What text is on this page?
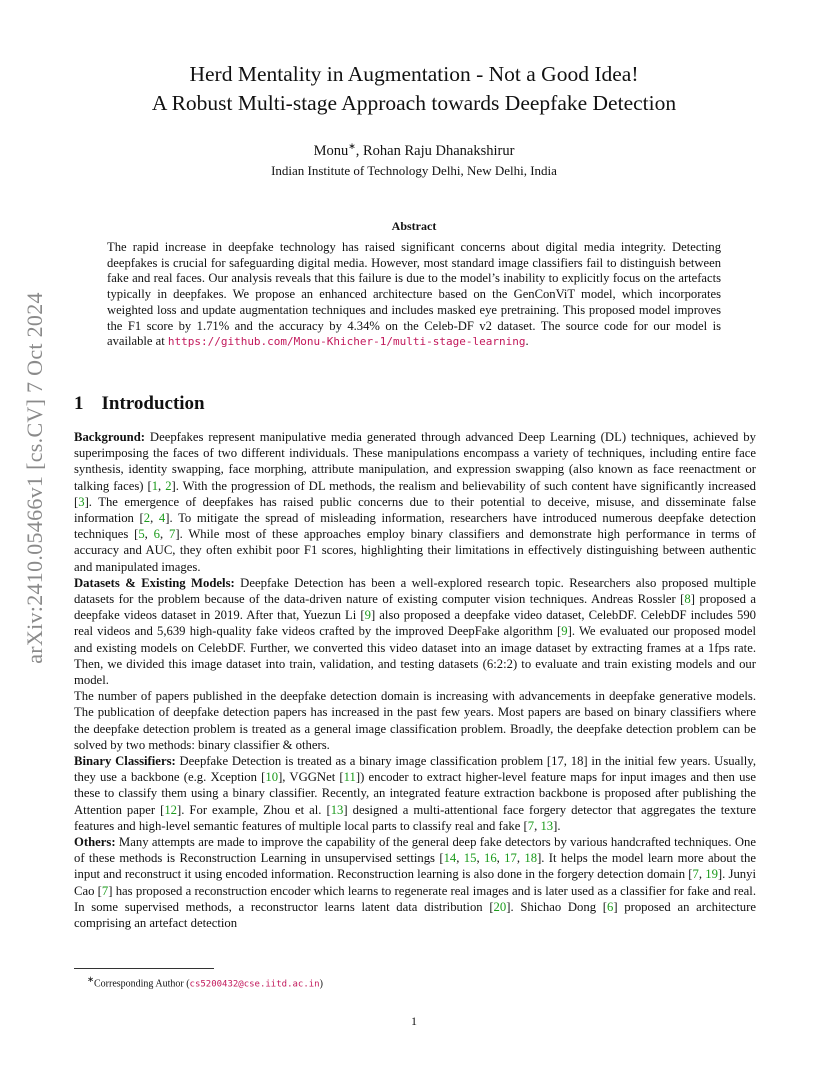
arXiv:2410.05466v1 [cs.CV] 7 Oct 2024
Herd Mentality in Augmentation - Not a Good Idea!
A Robust Multi-stage Approach towards Deepfake Detection
Monu∗, Rohan Raju Dhanakshirur
Indian Institute of Technology Delhi, New Delhi, India
Abstract
The rapid increase in deepfake technology has raised significant concerns about digital media integrity. Detecting deepfakes is crucial for safeguarding digital media. However, most standard image classifiers fail to distinguish between fake and real faces. Our analysis reveals that this failure is due to the model’s inability to explicitly focus on the artefacts typically in deepfakes. We propose an enhanced architecture based on the GenConViT model, which incorporates weighted loss and update augmentation techniques and includes masked eye pretraining. This proposed model improves the F1 score by 1.71% and the accuracy by 4.34% on the Celeb-DF v2 dataset. The source code for our model is available at https://github.com/Monu-Khicher-1/multi-stage-learning.
1 Introduction

Background: Deepfakes represent manipulative media generated through advanced Deep Learning (DL) techniques, achieved by superimposing the faces of two different individuals. These manipulations encompass a variety of techniques, including entire face synthesis, identity swapping, face morphing, attribute manipulation, and expression swapping (also known as face reenactment or talking faces) [1, 2]. With the progression of DL methods, the realism and believability of such content have significantly increased [3]. The emergence of deepfakes has raised public concerns due to their potential to deceive, misuse, and disseminate false information [2, 4]. To mitigate the spread of misleading information, researchers have introduced numerous deepfake detection techniques [5, 6, 7]. While most of these approaches employ binary classifiers and demonstrate high performance in terms of accuracy and AUC, they often exhibit poor F1 scores, highlighting their limitations in effectively distinguishing between authentic and manipulated images.

Datasets & Existing Models: Deepfake Detection has been a well-explored research topic. Researchers also proposed multiple datasets for the problem because of the data-driven nature of existing computer vision techniques. Andreas Rossler [8] proposed a deepfake videos dataset in 2019. After that, Yuezun Li [9] also proposed a deepfake video dataset, CelebDF. CelebDF includes 590 real videos and 5,639 high-quality fake videos crafted by the improved DeepFake algorithm [9]. We evaluated our proposed model and existing models on CelebDF. Further, we converted this video dataset into an image dataset by extracting frames at a 1fps rate. Then, we divided this image dataset into train, validation, and testing datasets (6:2:2) to evaluate and train existing models and our model.

The number of papers published in the deepfake detection domain is increasing with advancements in deepfake generative models. The publication of deepfake detection papers has increased in the past few years. Most papers are based on binary classifiers where the deepfake detection problem is treated as a general image classification problem. Broadly, the deepfake detection problem can be solved by two methods: binary classifier & others.

Binary Classifiers: Deepfake Detection is treated as a binary image classification problem [17, 18] in the initial few years. Usually, they use a backbone (e.g. Xception [10], VGGNet [11]) encoder to extract higher-level feature maps for input images and then use these to classify them using a binary classifier. Recently, an integrated feature extraction backbone is proposed after publishing the Attention paper [12]. For example, Zhou et al. [13] designed a multi-attentional face forgery detector that aggregates the texture features and high-level semantic features of multiple local parts to classify real and fake [7, 13].

Others: Many attempts are made to improve the capability of the general deep fake detectors by various handcrafted techniques. One of these methods is Reconstruction Learning in unsupervised settings [14, 15, 16, 17, 18]. It helps the model learn more about the input and reconstruct it using encoded information. Reconstruction learning is also done in the forgery detection domain [7, 19]. Junyi Cao [7] has proposed a reconstruction encoder which learns to regenerate real images and is later used as a classifier for fake and real. In some supervised methods, a reconstructor learns latent data distribution [20]. Shichao Dong [6] proposed an architecture comprising an artefact detection

∗Corresponding Author (cs5200432@cse.iitd.ac.in)
1
